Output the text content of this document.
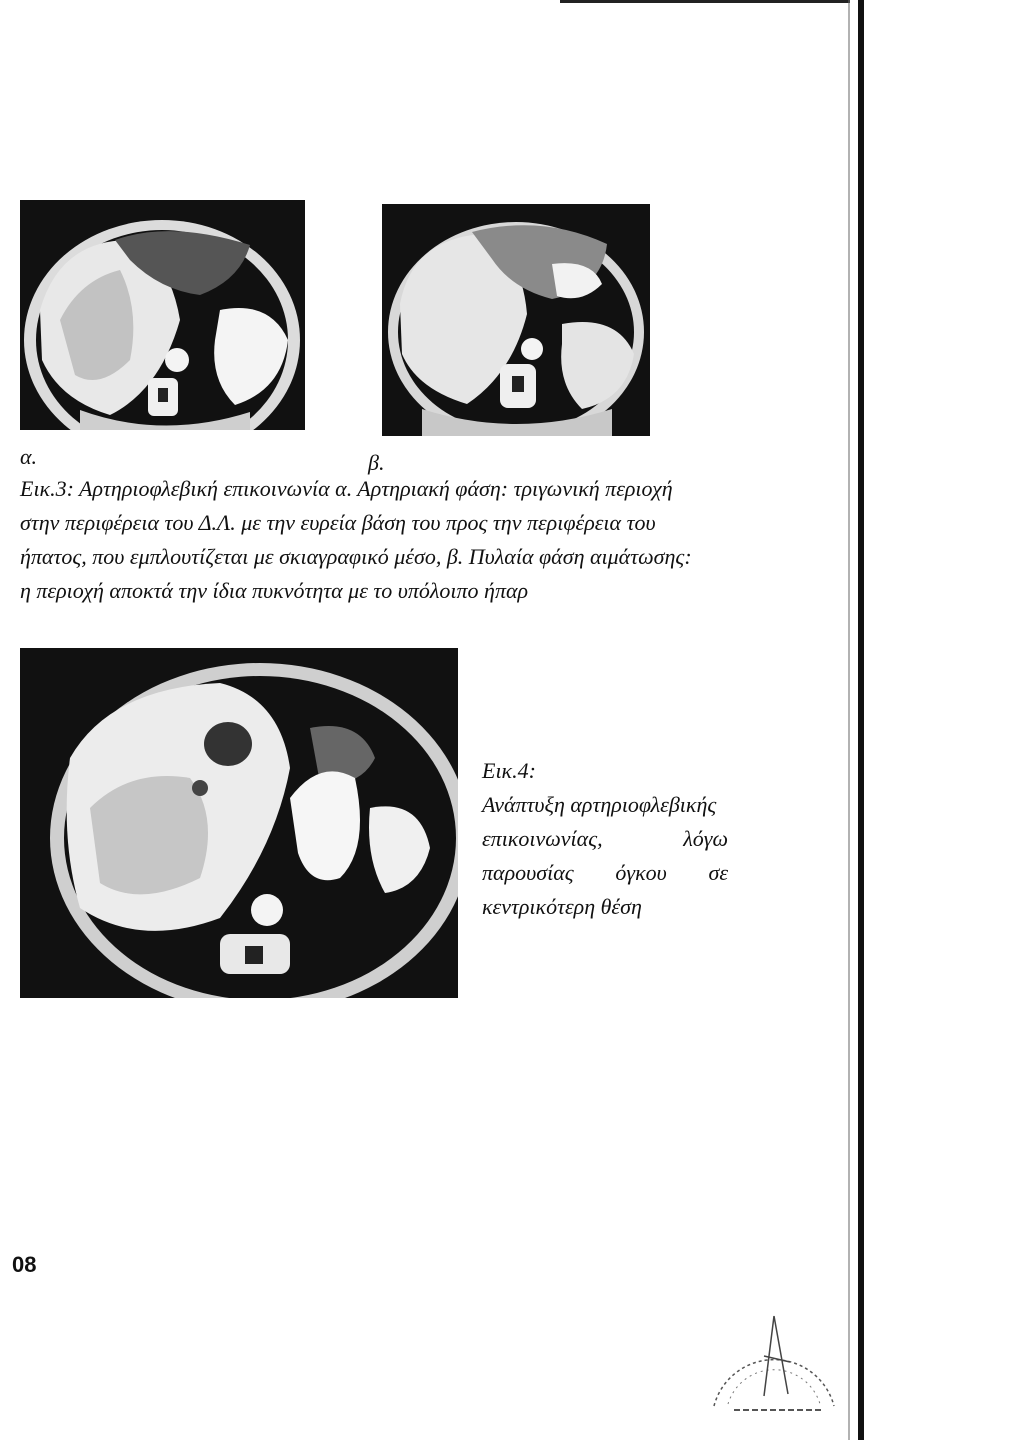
α.	β.
Εικ.3: Αρτηριοφλεβική επικοινωνία α. Αρτηριακή φάση: τριγωνική περιοχή
στην περιφέρεια του Δ.Λ. με την ευρεία βάση του προς την περιφέρεια του
ήπατος, που εμπλουτίζεται με σκιαγραφικό μέσο, β. Πυλαία φάση αιμάτωσης:
η περιοχή αποκτά την ίδια πυκνότητα με το υπόλοιπο ήπαρ
Εικ.4:
Ανάπτυξη αρτηριοφλεβικής
επικοινωνίας,	λόγω
παρουσίας όγκου σε
κεντρικότερη θέση
08
